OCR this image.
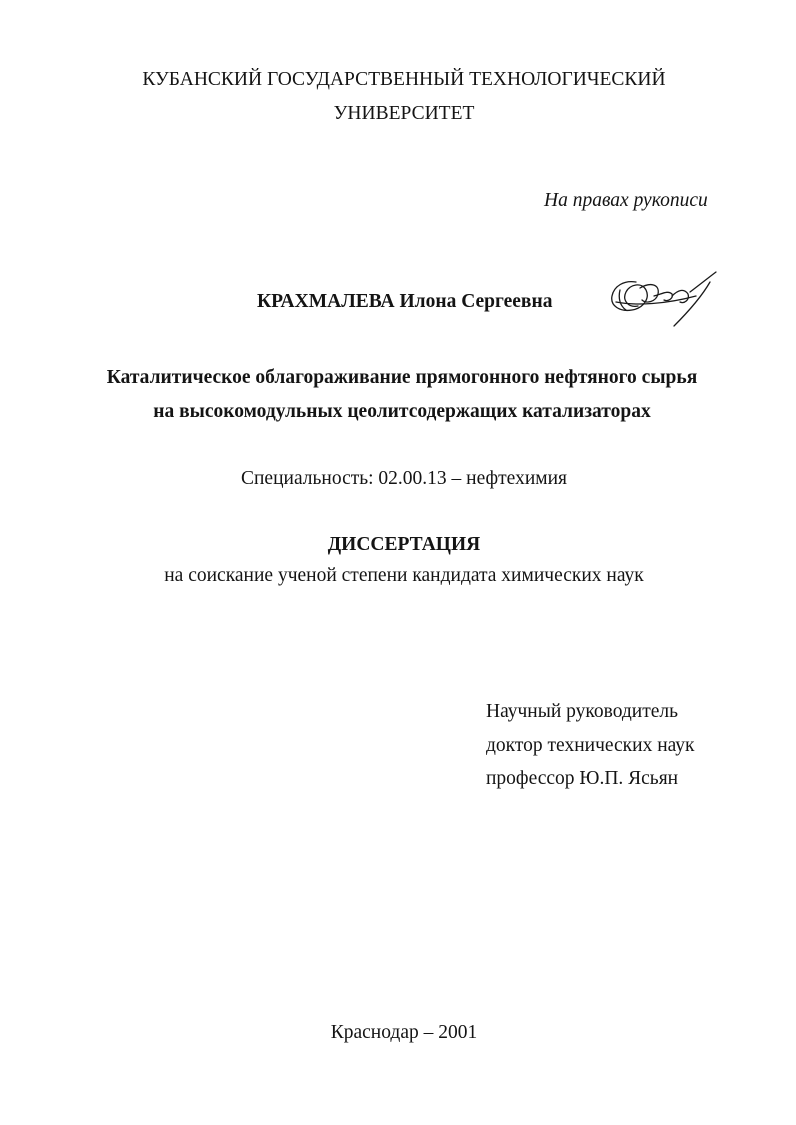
КУБАНСКИЙ ГОСУДАРСТВЕННЫЙ ТЕХНОЛОГИЧЕСКИЙ
УНИВЕРСИТЕТ
На правах рукописи
КРАХМАЛЕВА Илона Сергеевна
Каталитическое облагораживание прямогонного нефтяного сырья
на высокомодульных цеолитсодержащих катализаторах
Специальность: 02.00.13 – нефтехимия
ДИССЕРТАЦИЯ
на соискание ученой степени кандидата химических наук
Научный руководитель
доктор технических наук
профессор Ю.П. Ясьян
Краснодар – 2001
